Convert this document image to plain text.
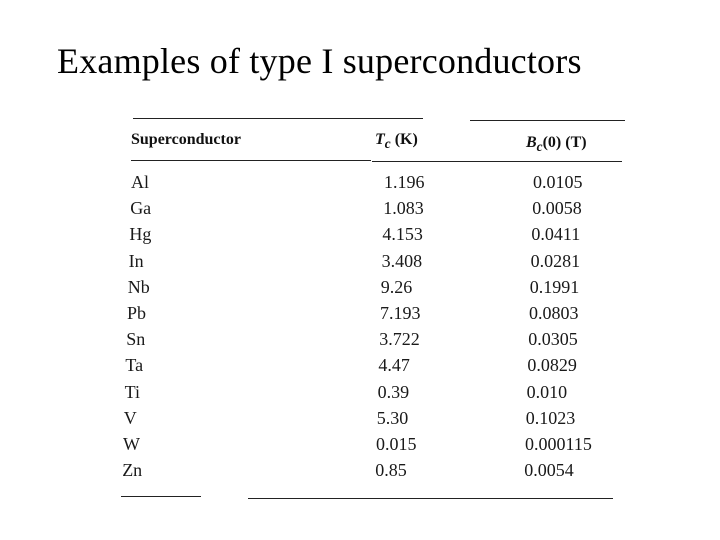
Examples of type I superconductors
Superconductor	$T_c$ (K)	$B_c(0)$ (T)
Al	1.196	0.0105
Ga	1.083	0.0058
Hg	4.153	0.0411
In	3.408	0.0281
Nb	9.26	0.1991
Pb	7.193	0.0803
Sn	3.722	0.0305
Ta	4.47	0.0829
Ti	0.39	0.010
V	5.30	0.1023
W	0.015	0.000115
Zn	0.85	0.0054
